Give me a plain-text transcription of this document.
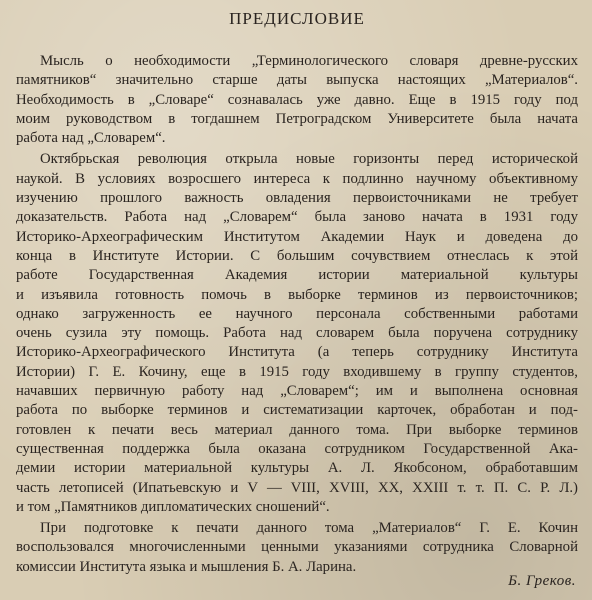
ПРЕДИСЛОВИЕ
Мысль о необходимости „Терминологического словаря древне-русских
памятников“ значительно старше даты выпуска настоящих „Материалов“.
Необходимость в „Словаре“ сознавалась уже давно. Еще в 1915 году под
моим руководством в тогдашнем Петроградском Университете была начата
работа над „Словарем“.
Октябрьская революция открыла новые горизонты перед исторической
наукой. В условиях возросшего интереса к подлинно научному объективному
изучению прошлого важность овладения первоисточниками не требует
доказательств. Работа над „Словарем“ была заново начата в 1931 году
Историко-Археографическим Институтом Академии Наук и доведена до
конца в Институте Истории. С большим сочувствием отнеслась к этой
работе Государственная Академия истории материальной культуры
и изъявила готовность помочь в выборке терминов из первоисточников;
однако загруженность ее научного персонала собственными работами
очень сузила эту помощь. Работа над словарем была поручена сотруднику
Историко-Археографического Института (а теперь сотруднику Института
Истории) Г. Е. Кочину, еще в 1915 году входившему в группу студентов,
начавших первичную работу над „Словарем“; им и выполнена основная
работа по выборке терминов и систематизации карточек, обработан и под-
готовлен к печати весь материал данного тома. При выборке терминов
существенная поддержка была оказана сотрудником Государственной Ака-
демии истории материальной культуры А. Л. Якобсоном, обработавшим
часть летописей (Ипатьевскую и V — VIII, XVIII, XX, XXIII т. т. П. С. Р. Л.)
и том „Памятников дипломатических сношений“.
При подготовке к печати данного тома „Материалов“ Г. Е. Кочин
воспользовался многочисленными ценными указаниями сотрудника Словарной
комиссии Института языка и мышления Б. А. Ларина.
Б. Греков.
